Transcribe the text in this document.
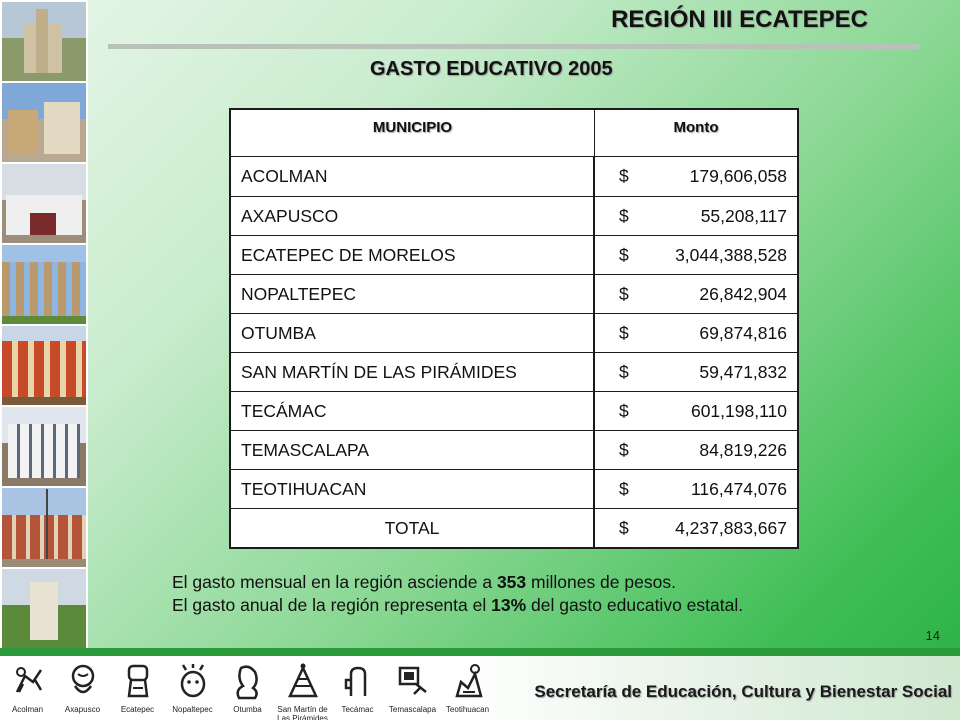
REGIÓN III ECATEPEC
GASTO EDUCATIVO 2005
MUNICIPIO	Monto
ACOLMAN	$	179,606,058
AXAPUSCO	$	55,208,117
ECATEPEC DE MORELOS	$	3,044,388,528
NOPALTEPEC	$	26,842,904
OTUMBA	$	69,874,816
SAN MARTÍN DE LAS PIRÁMIDES	$	59,471,832
TECÁMAC	$	601,198,110
TEMASCALAPA	$	84,819,226
TEOTIHUACAN	$	116,474,076
TOTAL	$	4,237,883,667
El gasto mensual en la región asciende a 353 millones de pesos.
El gasto anual de la región representa el 13% del gasto educativo estatal.
14
Acolman	Axapusco	Ecatepec Nopaltepec	Otumba San Martín de
Las Pirámides
Tecámac Temascalapa Teotihuacan
Secretaría de Educación, Cultura y Bienestar Social
